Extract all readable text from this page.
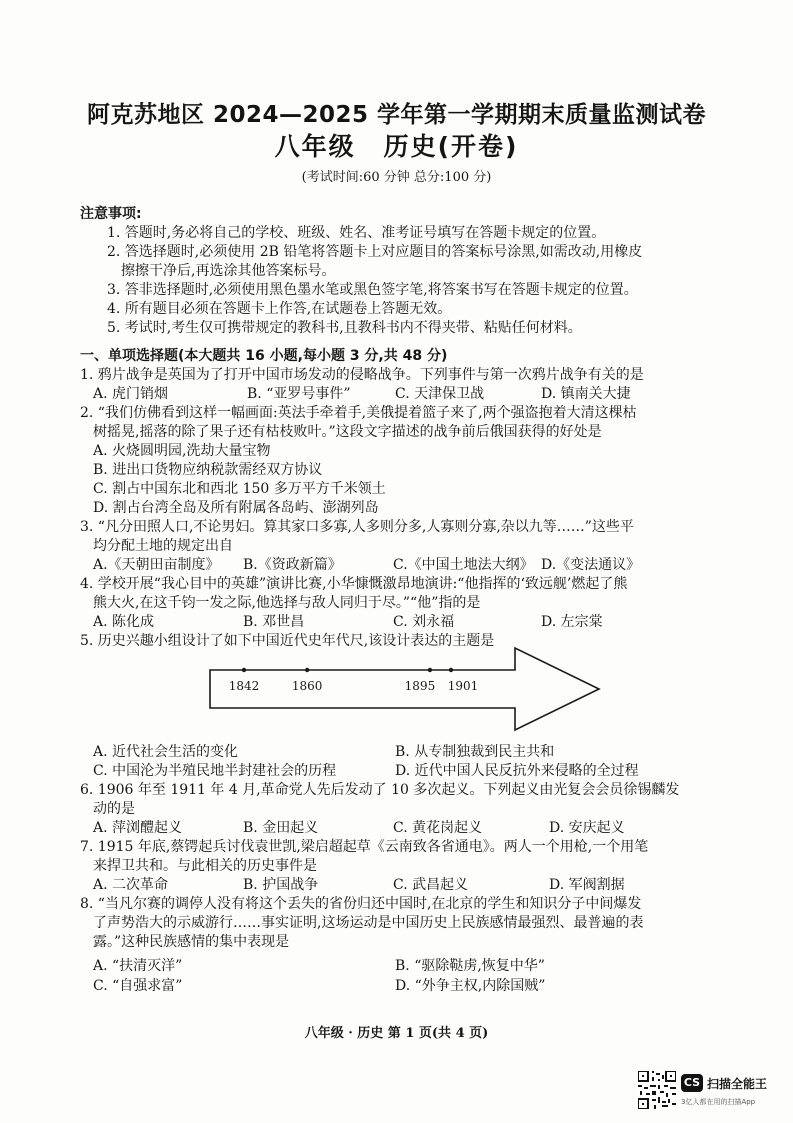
阿克苏地区 2024—2025 学年第一学期期末质量监测试卷
八年级 历史(开卷)
(考试时间:60 分钟 总分:100 分)
注意事项:
1. 答题时,务必将自己的学校、班级、姓名、准考证号填写在答题卡规定的位置。
2. 答选择题时,必须使用 2B 铅笔将答题卡上对应题目的答案标号涂黑,如需改动,用橡皮
擦擦干净后,再选涂其他答案标号。
3. 答非选择题时,必须使用黑色墨水笔或黑色签字笔,将答案书写在答题卡规定的位置。
4. 所有题目必须在答题卡上作答,在试题卷上答题无效。
5. 考试时,考生仅可携带规定的教科书,且教科书内不得夹带、粘贴任何材料。
一、单项选择题(本大题共 16 小题,每小题 3 分,共 48 分)
1. 鸦片战争是英国为了打开中国市场发动的侵略战争。下列事件与第一次鸦片战争有关的是
A. 虎门销烟	B. “亚罗号事件”	C. 天津保卫战	D. 镇南关大捷
2. “我们仿佛看到这样一幅画面:英法手牵着手,美俄提着篮子来了,两个强盗抱着大清这棵枯
树摇晃,摇落的除了果子还有枯枝败叶。”这段文字描述的战争前后俄国获得的好处是
A. 火烧圆明园,洗劫大量宝物
B. 进出口货物应纳税款需经双方协议
C. 割占中国东北和西北 150 多万平方千米领土
D. 割占台湾全岛及所有附属各岛屿、澎湖列岛
3. “凡分田照人口,不论男妇。算其家口多寡,人多则分多,人寡则分寡,杂以九等……”这些平
均分配土地的规定出自
A.《天朝田亩制度》 B.《资政新篇》	C.《中国土地法大纲》 D.《变法通议》
4. 学校开展“我心目中的英雄”演讲比赛,小华慷慨激昂地演讲:“他指挥的‘致远舰’燃起了熊
熊大火,在这千钧一发之际,他选择与敌人同归于尽。”“他”指的是
A. 陈化成	B. 邓世昌	C. 刘永福	D. 左宗棠
5. 历史兴趣小组设计了如下中国近代史年代尺,该设计表达的主题是
1842	1860	1895 1901
A. 近代社会生活的变化	B. 从专制独裁到民主共和
C. 中国沦为半殖民地半封建社会的历程	D. 近代中国人民反抗外来侵略的全过程
6. 1906 年至 1911 年 4 月,革命党人先后发动了 10 多次起义。下列起义由光复会会员徐锡麟发
动的是
A. 萍浏醴起义	B. 金田起义	C. 黄花岗起义	D. 安庆起义
7. 1915 年底,蔡锷起兵讨伐袁世凯,梁启超起草《云南致各省通电》。两人一个用枪,一个用笔
来捍卫共和。与此相关的历史事件是
A. 二次革命	B. 护国战争	C. 武昌起义	D. 军阀割据
8. “当凡尔赛的调停人没有将这个丢失的省份归还中国时,在北京的学生和知识分子中间爆发
了声势浩大的示威游行……事实证明,这场运动是中国历史上民族感情最强烈、最普遍的表
露。”这种民族感情的集中表现是
A. “扶清灭洋”	B. “驱除鞑虏,恢复中华”
C. “自强求富”	D. “外争主权,内除国贼”
八年级 · 历史 第 1 页(共 4 页)
CS 扫描全能王
3亿人都在用的扫描App
